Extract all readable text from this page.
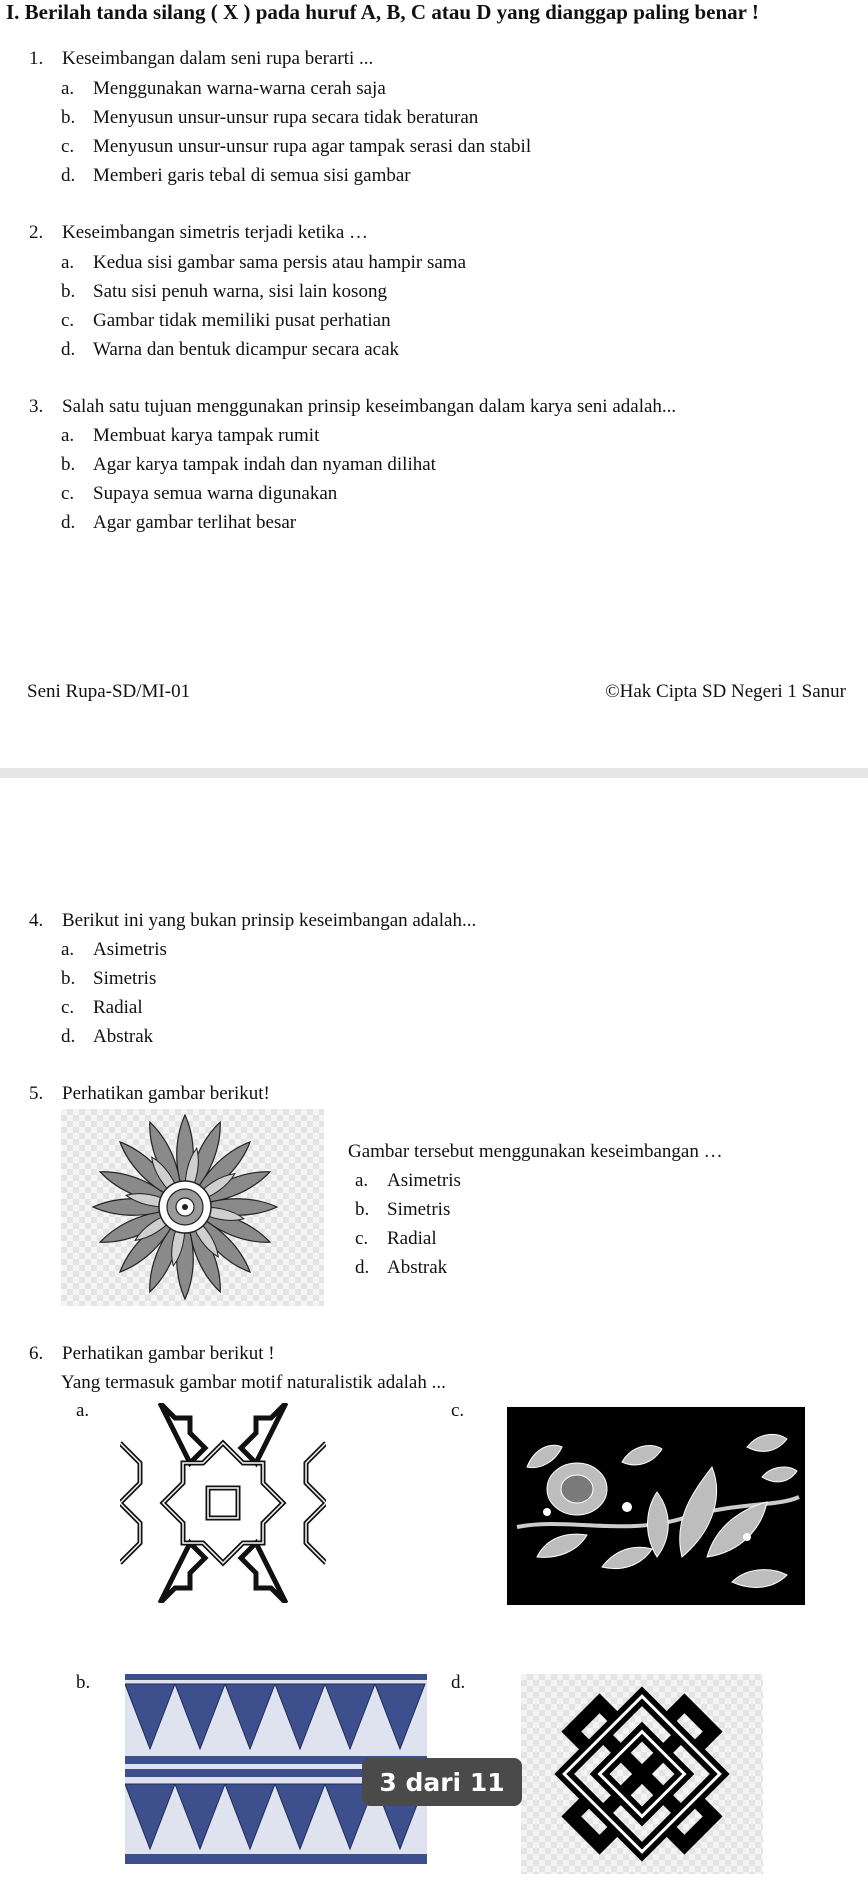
I. Berilah tanda silang ( X ) pada huruf A, B, C atau D yang dianggap paling benar !
1. Keseimbangan dalam seni rupa berarti ...
a. Menggunakan warna-warna cerah saja
b. Menyusun unsur-unsur rupa secara tidak beraturan
c. Menyusun unsur-unsur rupa agar tampak serasi dan stabil
d. Memberi garis tebal di semua sisi gambar
2. Keseimbangan simetris terjadi ketika …
a. Kedua sisi gambar sama persis atau hampir sama
b. Satu sisi penuh warna, sisi lain kosong
c. Gambar tidak memiliki pusat perhatian
d. Warna dan bentuk dicampur secara acak
3. Salah satu tujuan menggunakan prinsip keseimbangan dalam karya seni adalah...
a. Membuat karya tampak rumit
b. Agar karya tampak indah dan nyaman dilihat
c. Supaya semua warna digunakan
d. Agar gambar terlihat besar
Seni Rupa-SD/MI-01	©Hak Cipta SD Negeri 1 Sanur
4. Berikut ini yang bukan prinsip keseimbangan adalah...
a. Asimetris
b. Simetris
c. Radial
d. Abstrak
5. Perhatikan gambar berikut!
Gambar tersebut menggunakan keseimbangan …
a. Asimetris
b. Simetris
c. Radial
d. Abstrak
6. Perhatikan gambar berikut !
Yang termasuk gambar motif naturalistik adalah ...
a.	c.
b.	d.
3 dari 11
